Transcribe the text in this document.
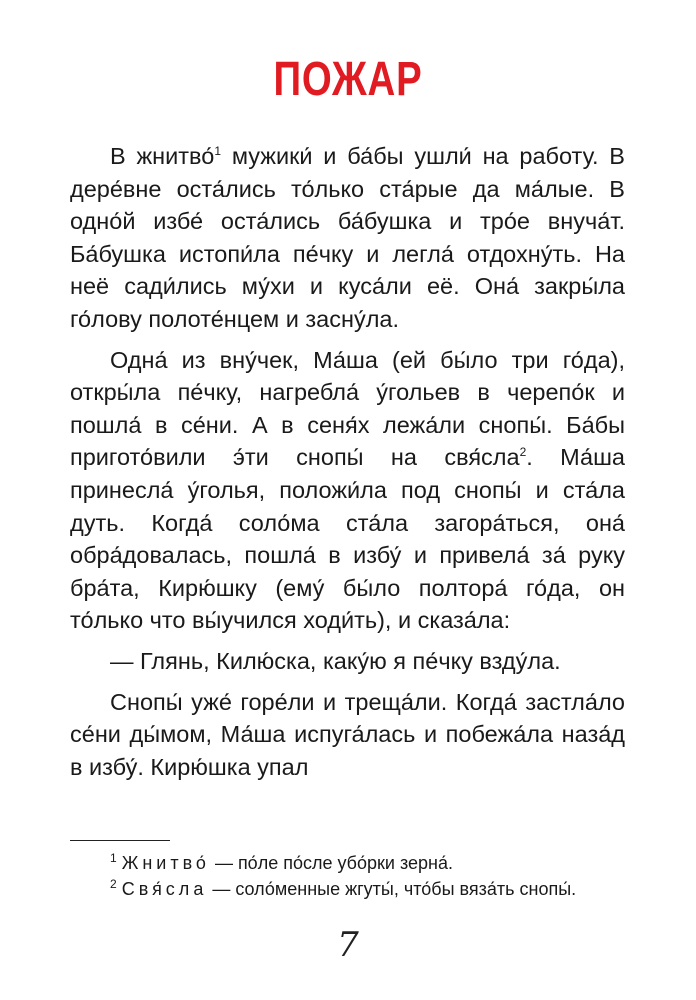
ПОЖАР

В жнитво́$^1$ мужики́ и ба́бы ушли́ на работу. В дере́вне оста́лись то́лько ста́рые да ма́лые. В одно́й избе́ оста́лись ба́бушка и тро́е внуча́т. Ба́бушка истопи́ла пе́чку и легла́ отдохну́ть. На неё сади́лись му́хи и куса́ли её. Она́ закры́ла го́лову полоте́нцем и засну́ла.

Одна́ из вну́чек, Ма́ша (ей бы́ло три го́да), откры́ла пе́чку, нагребла́ у́гольев в черепо́к и пошла́ в се́ни. А в сеня́х лежа́ли снопы́. Ба́бы пригото́вили э́ти снопы́ на свя́сла$^2$. Ма́ша принесла́ у́голья, положи́ла под снопы́ и ста́ла дуть. Когда́ соло́ма ста́ла загора́ться, она́ обра́довалась, пошла́ в избу́ и привела́ за́ руку бра́та, Кирю́шку (ему́ бы́ло полтора́ го́да, он то́лько что вы́учился ходи́ть), и сказа́ла:

— Глянь, Килю́ска, каку́ю я пе́чку взду́ла.

Снопы́ уже́ горе́ли и треща́ли. Когда́ застла́ло се́ни ды́мом, Ма́ша испуга́лась и побежа́ла наза́д в избу́. Кирю́шка упал

$^1$ Жнитво́ — по́ле по́сле убо́рки зерна́.

$^2$ Свя́сла — соло́менные жгуты́, что́бы вяза́ть снопы́.

7
